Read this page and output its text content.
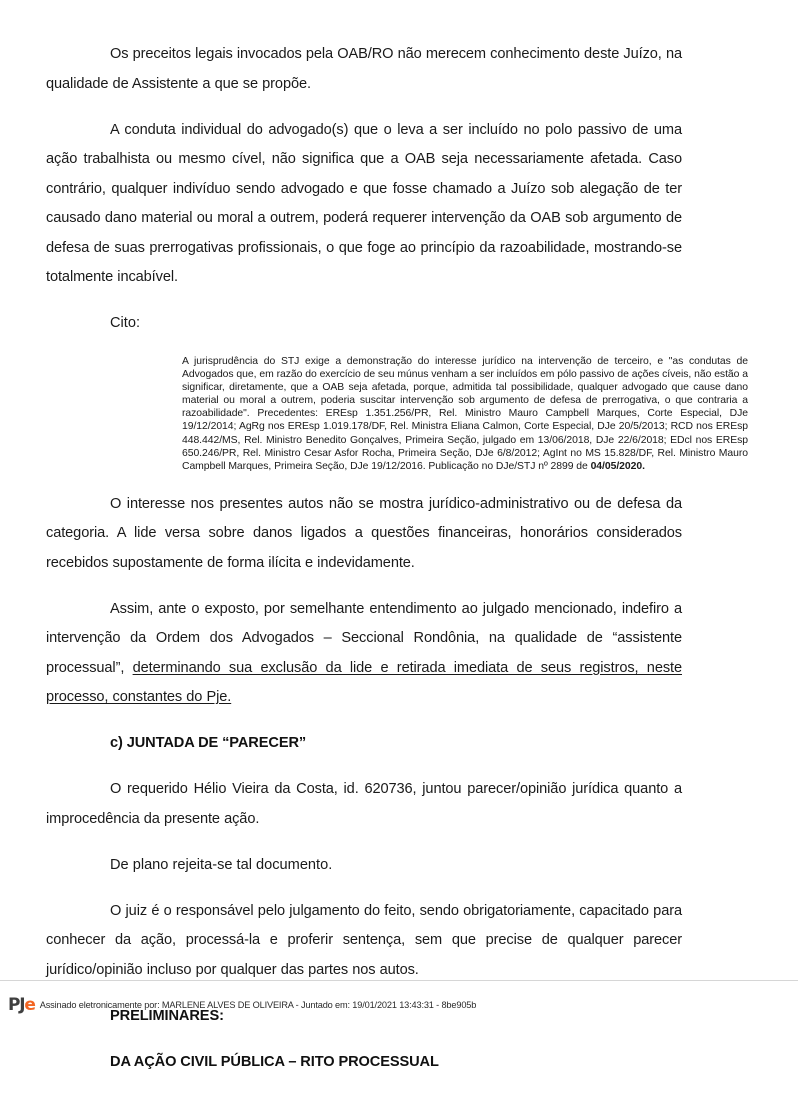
Os preceitos legais invocados pela OAB/RO não merecem conhecimento deste Juízo, na qualidade de Assistente a que se propõe.

A conduta individual do advogado(s) que o leva a ser incluído no polo passivo de uma ação trabalhista ou mesmo cível, não significa que a OAB seja necessariamente afetada. Caso contrário, qualquer indivíduo sendo advogado e que fosse chamado a Juízo sob alegação de ter causado dano material ou moral a outrem, poderá requerer intervenção da OAB sob argumento de defesa de suas prerrogativas profissionais, o que foge ao princípio da razoabilidade, mostrando-se totalmente incabível.

Cito:

A jurisprudência do STJ exige a demonstração do interesse jurídico na intervenção de terceiro, e "as condutas de Advogados que, em razão do exercício de seu múnus venham a ser incluídos em pólo passivo de ações cíveis, não estão a significar, diretamente, que a OAB seja afetada, porque, admitida tal possibilidade, qualquer advogado que cause dano material ou moral a outrem, poderia suscitar intervenção sob argumento de defesa de prerrogativa, o que contraria a razoabilidade". Precedentes: EREsp 1.351.256/PR, Rel. Ministro Mauro Campbell Marques, Corte Especial, DJe 19/12/2014; AgRg nos EREsp 1.019.178/DF, Rel. Ministra Eliana Calmon, Corte Especial, DJe 20/5/2013; RCD nos EREsp 448.442/MS, Rel. Ministro Benedito Gonçalves, Primeira Seção, julgado em 13/06/2018, DJe 22/6/2018; EDcl nos EREsp 650.246/PR, Rel. Ministro Cesar Asfor Rocha, Primeira Seção, DJe 6/8/2012; AgInt no MS 15.828/DF, Rel. Ministro Mauro Campbell Marques, Primeira Seção, DJe 19/12/2016. Publicação no DJe/STJ nº 2899 de 04/05/2020.

O interesse nos presentes autos não se mostra jurídico-administrativo ou de defesa da categoria. A lide versa sobre danos ligados a questões financeiras, honorários considerados recebidos supostamente de forma ilícita e indevidamente.

Assim, ante o exposto, por semelhante entendimento ao julgado mencionado, indefiro a intervenção da Ordem dos Advogados – Seccional Rondônia, na qualidade de “assistente processual”, determinando sua exclusão da lide e retirada imediata de seus registros, neste processo, constantes do Pje.

c) JUNTADA DE “PARECER”

O requerido Hélio Vieira da Costa, id. 620736, juntou parecer/opinião jurídica quanto a improcedência da presente ação.

De plano rejeita-se tal documento.

O juiz é o responsável pelo julgamento do feito, sendo obrigatoriamente, capacitado para conhecer da ação, processá-la e proferir sentença, sem que precise de qualquer parecer jurídico/opinião incluso por qualquer das partes nos autos.

PRELIMINARES:

DA AÇÃO CIVIL PÚBLICA – RITO PROCESSUAL

PJ e Assinado eletronicamente por: MARLENE ALVES DE OLIVEIRA - Juntado em: 19/01/2021 13:43:31 - 8be905b
